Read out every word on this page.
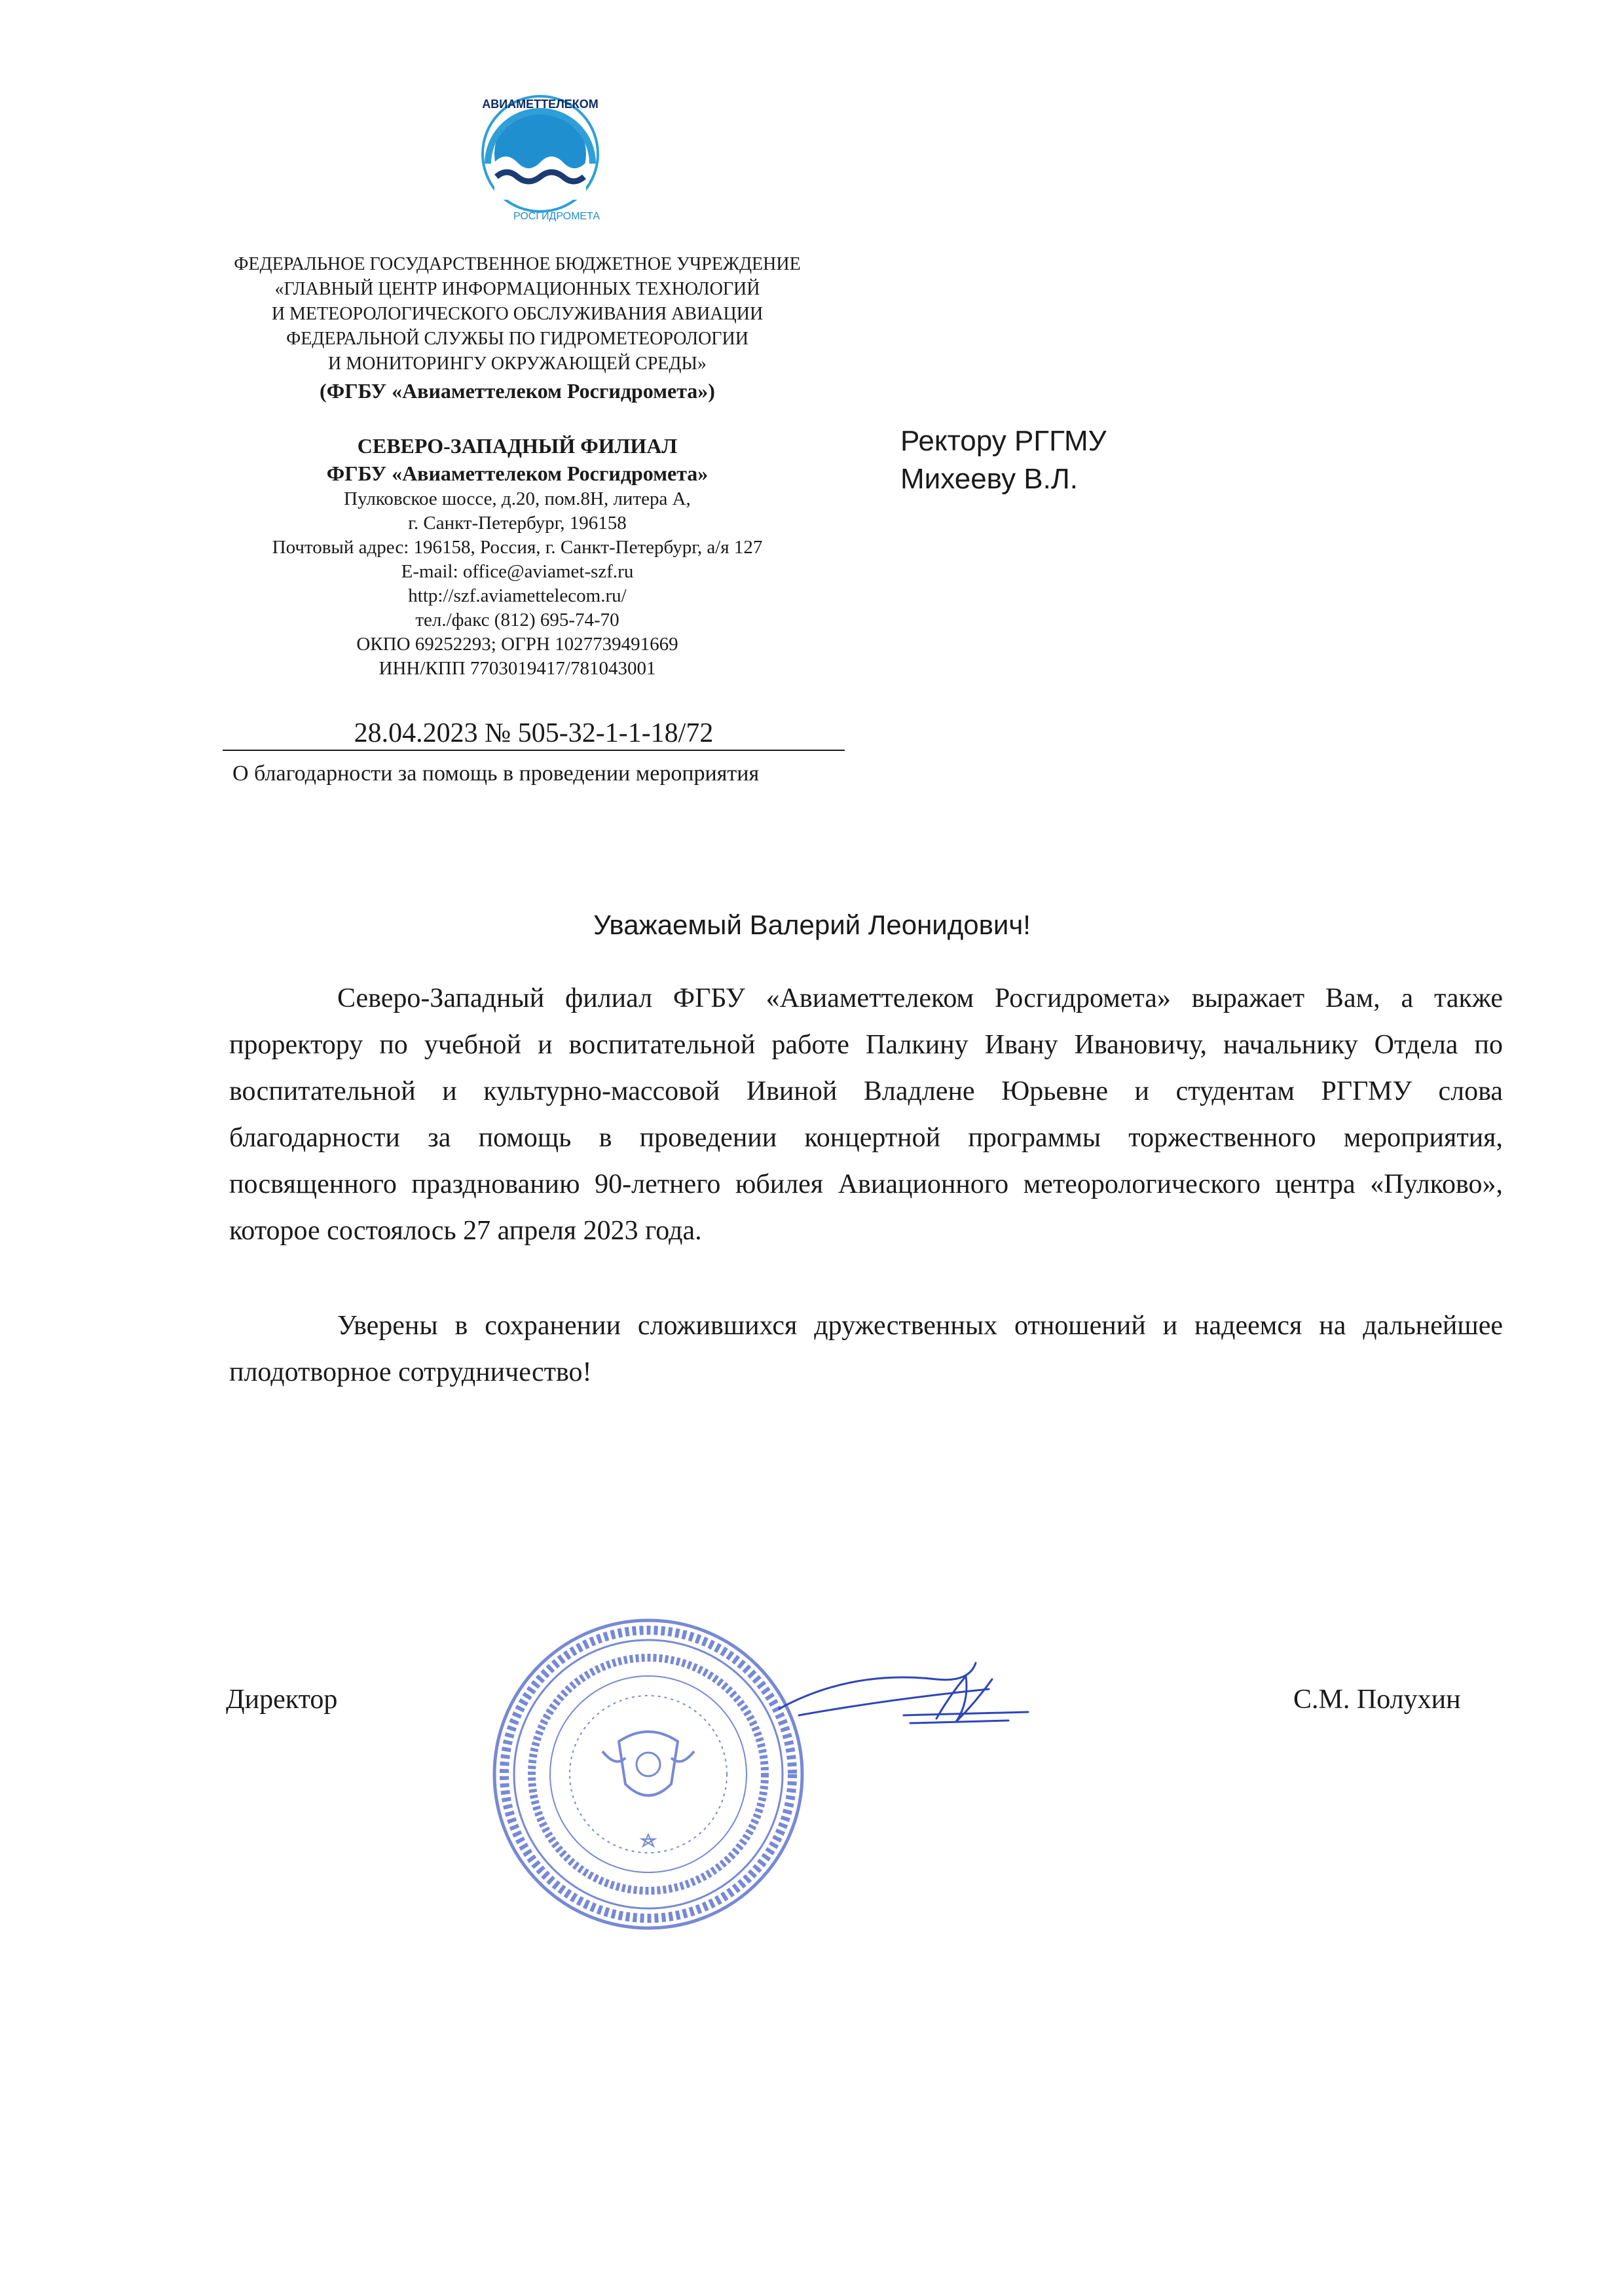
АВИАМЕТТЕЛЕКОМ
РОСГИДРОМЕТА
ФЕДЕРАЛЬНОЕ ГОСУДАРСТВЕННОЕ БЮДЖЕТНОЕ УЧРЕЖДЕНИЕ
«ГЛАВНЫЙ ЦЕНТР ИНФОРМАЦИОННЫХ ТЕХНОЛОГИЙ
И МЕТЕОРОЛОГИЧЕСКОГО ОБСЛУЖИВАНИЯ АВИАЦИИ
ФЕДЕРАЛЬНОЙ СЛУЖБЫ ПО ГИДРОМЕТЕОРОЛОГИИ
И МОНИТОРИНГУ ОКРУЖАЮЩЕЙ СРЕДЫ»
(ФГБУ «Авиаметтелеком Росгидромета»)
СЕВЕРО-ЗАПАДНЫЙ ФИЛИАЛ
ФГБУ «Авиаметтелеком Росгидромета»
Пулковское шоссе, д.20, пом.8Н, литера А,
г. Санкт-Петербург, 196158
Почтовый адрес: 196158, Россия, г. Санкт-Петербург, а/я 127
E-mail: office@aviamet-szf.ru
http://szf.aviamettelecom.ru/
тел./факс (812) 695-74-70
ОКПО 69252293; ОГРН 1027739491669
ИНН/КПП 7703019417/781043001
Ректору РГГМУ
Михееву В.Л.
28.04.2023 № 505-32-1-1-18/72
О благодарности за помощь в проведении мероприятия
Уважаемый Валерий Леонидович!

Северо-Западный филиал ФГБУ «Авиаметтелеком Росгидромета» выражает Вам, а также проректору по учебной и воспитательной работе Палкину Ивану Ивановичу, начальнику Отдела по воспитательной и культурно-массовой Ивиной Владлене Юрьевне и студентам РГГМУ слова благодарности за помощь в проведении концертной программы торжественного мероприятия, посвященного празднованию 90-летнего юбилея Авиационного метеорологического центра «Пулково», которое состоялось 27 апреля 2023 года.

Уверены в сохранении сложившихся дружественных отношений и надеемся на дальнейшее плодотворное сотрудничество!

Директор	С.М. Полухин
